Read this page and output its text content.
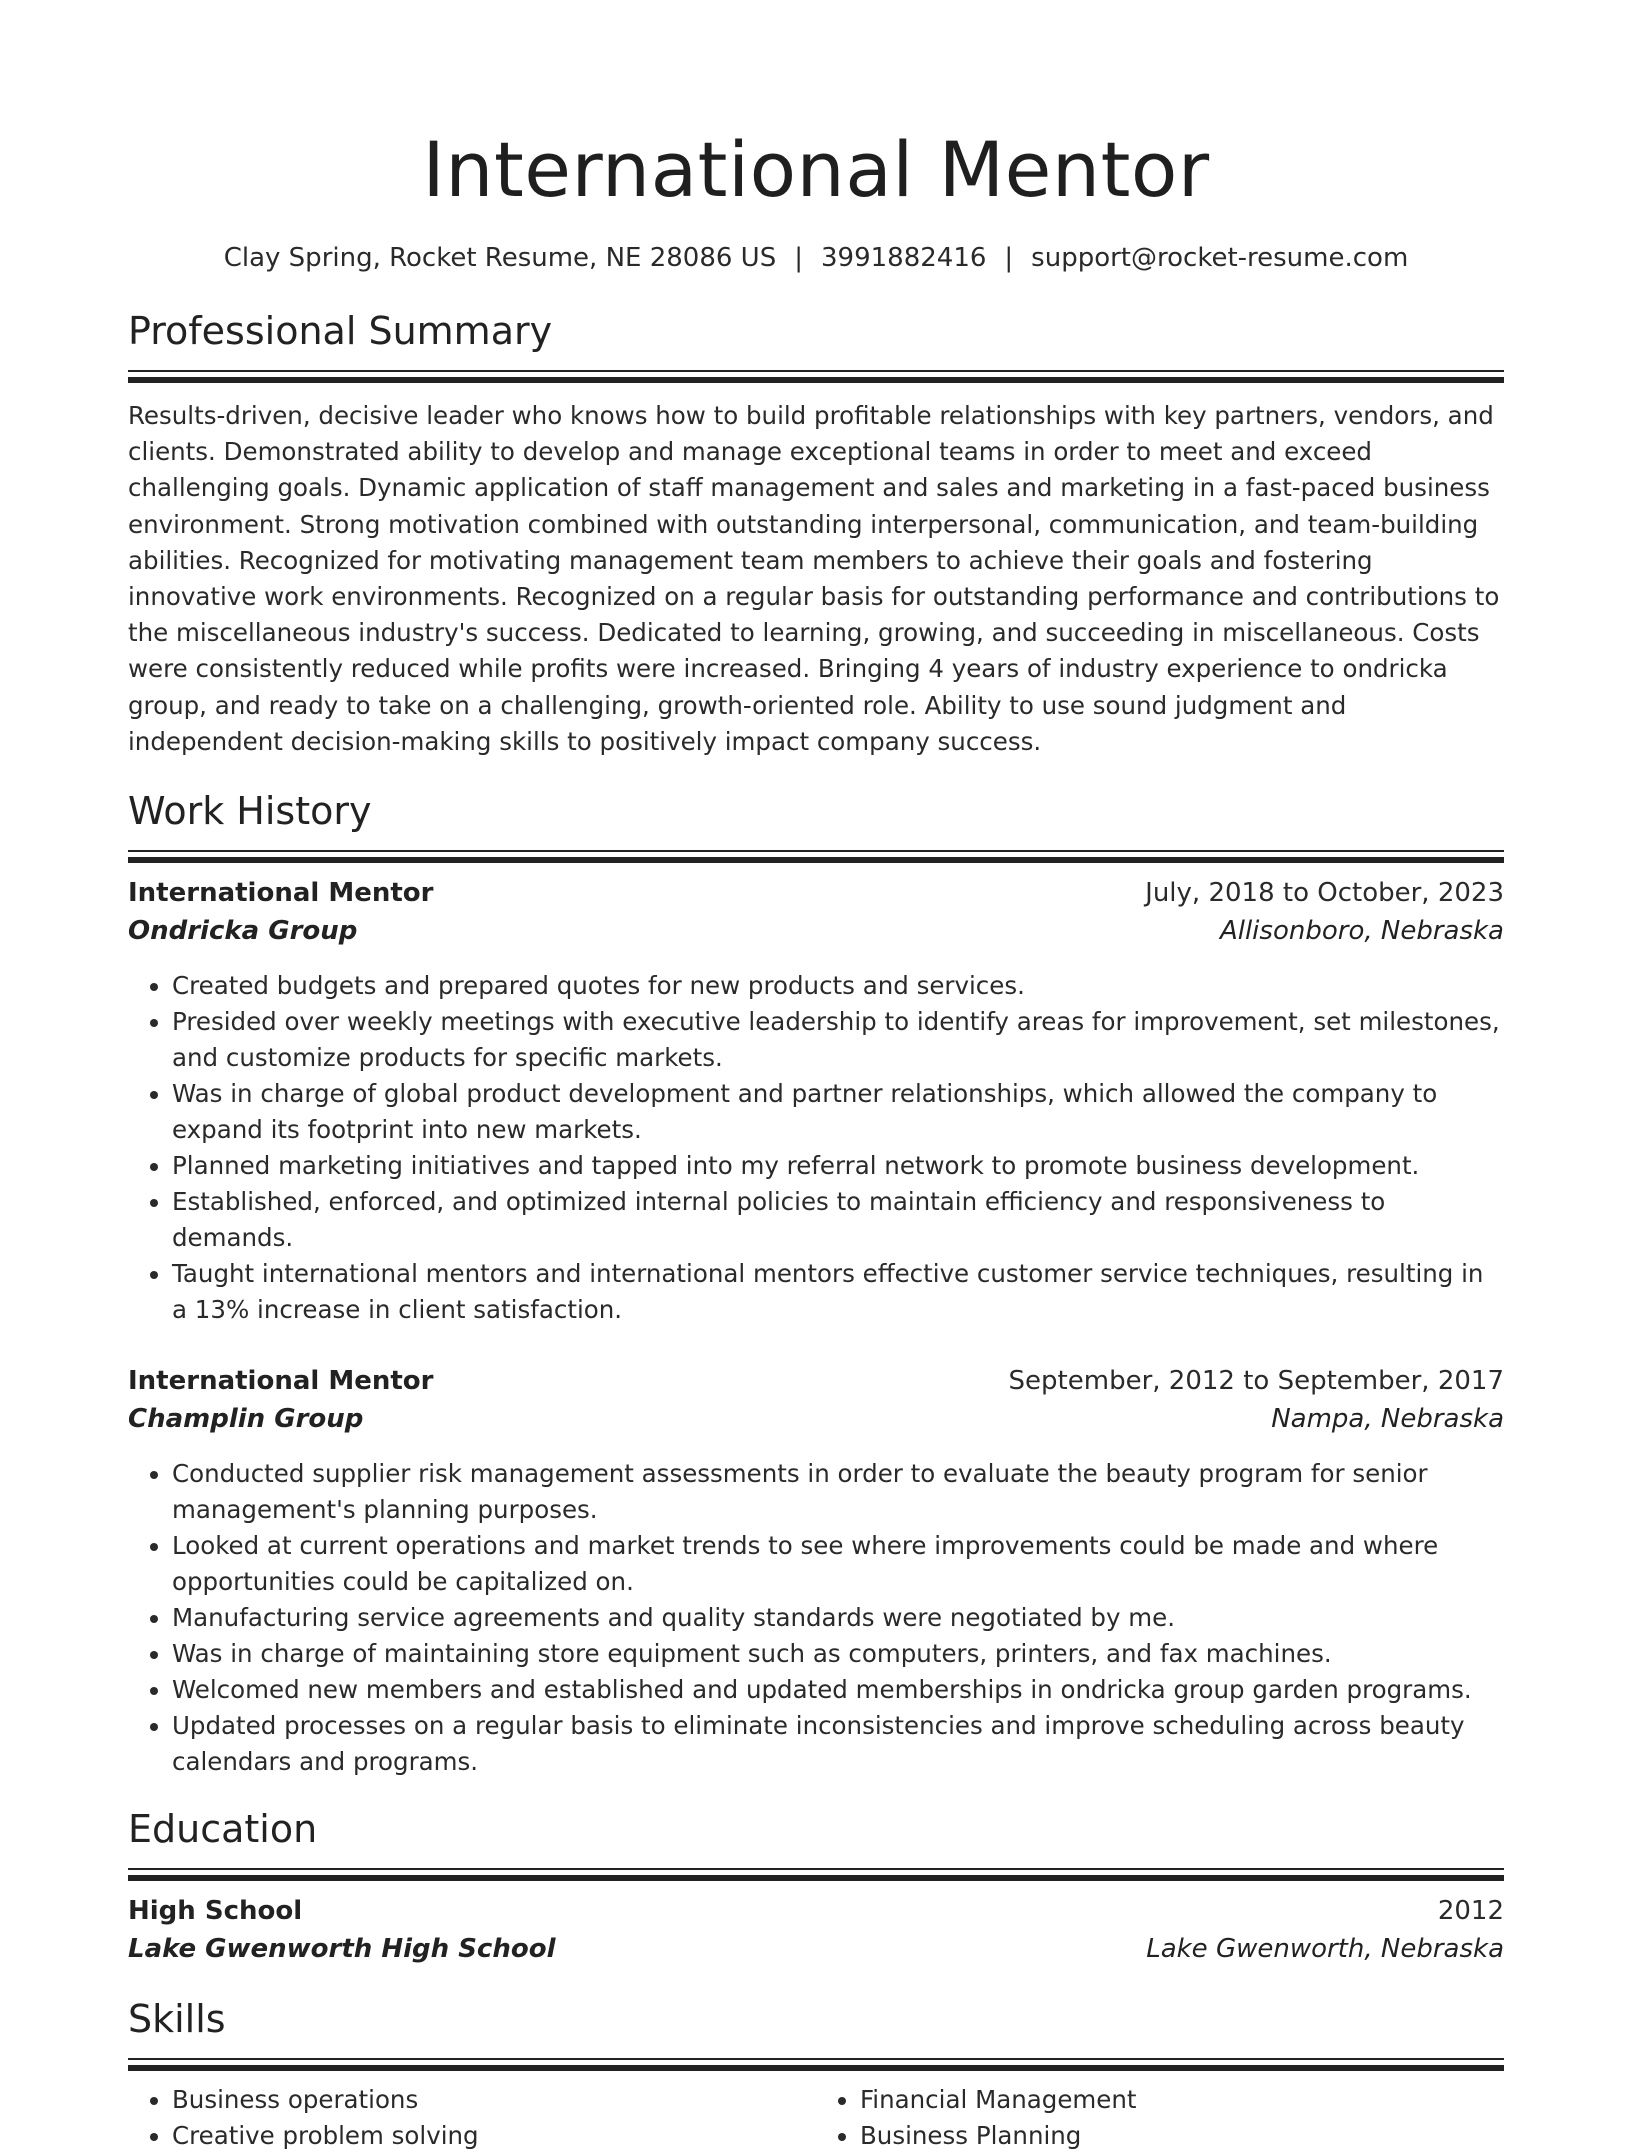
International Mentor
Clay Spring, Rocket Resume, NE 28086 US | 3991882416 | support@rocket-resume.com
Professional Summary

Results-driven, decisive leader who knows how to build profitable relationships with key partners, vendors, and clients. Demonstrated ability to develop and manage exceptional teams in order to meet and exceed challenging goals. Dynamic application of staff management and sales and marketing in a fast-paced business environment. Strong motivation combined with outstanding interpersonal, communication, and team-building abilities. Recognized for motivating management team members to achieve their goals and fostering innovative work environments. Recognized on a regular basis for outstanding performance and contributions to the miscellaneous industry's success. Dedicated to learning, growing, and succeeding in miscellaneous. Costs were consistently reduced while profits were increased. Bringing 4 years of industry experience to ondricka group, and ready to take on a challenging, growth-oriented role. Ability to use sound judgment and independent decision-making skills to positively impact company success.

Work History
International Mentor	July, 2018 to October, 2023
Ondricka Group	Allisonboro, Nebraska
• Created budgets and prepared quotes for new products and services.
• Presided over weekly meetings with executive leadership to identify areas for improvement, set milestones, and customize products for specific markets.
• Was in charge of global product development and partner relationships, which allowed the company to expand its footprint into new markets.
• Planned marketing initiatives and tapped into my referral network to promote business development.
• Established, enforced, and optimized internal policies to maintain efficiency and responsiveness to demands.
• Taught international mentors and international mentors effective customer service techniques, resulting in a 13% increase in client satisfaction.
International Mentor	September, 2012 to September, 2017
Champlin Group	Nampa, Nebraska
• Conducted supplier risk management assessments in order to evaluate the beauty program for senior management's planning purposes.
• Looked at current operations and market trends to see where improvements could be made and where opportunities could be capitalized on.
• Manufacturing service agreements and quality standards were negotiated by me.
• Was in charge of maintaining store equipment such as computers, printers, and fax machines.
• Welcomed new members and established and updated memberships in ondricka group garden programs.
• Updated processes on a regular basis to eliminate inconsistencies and improve scheduling across beauty calendars and programs.
Education
High School	2012
Lake Gwenworth High School	Lake Gwenworth, Nebraska
Skills
• Business operations
• Creative problem solving
• Financial Management
• Business Planning
